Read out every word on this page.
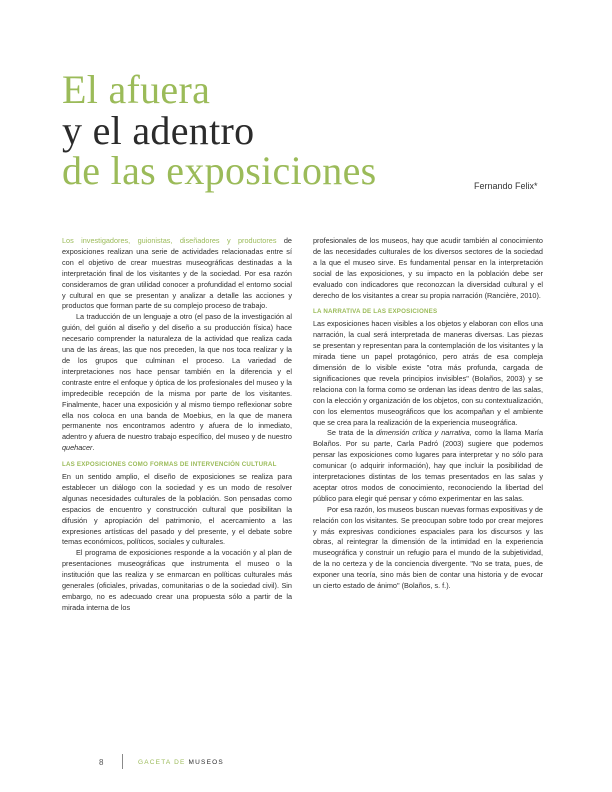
El afuera
y el adentro
de las exposiciones	Fernando Felix*

Los investigadores, guionistas, diseñadores y productores de exposiciones realizan una serie de actividades relacionadas entre sí con el objetivo de crear muestras museográficas destinadas a la interpretación final de los visitantes y de la sociedad. Por esa razón consideramos de gran utilidad conocer a profundidad el entorno social y cultural en que se presentan y analizar a detalle las acciones y productos que forman parte de su complejo proceso de trabajo.

La traducción de un lenguaje a otro (el paso de la investigación al guión, del guión al diseño y del diseño a su producción física) hace necesario comprender la naturaleza de la actividad que realiza cada una de las áreas, las que nos preceden, la que nos toca realizar y la de los grupos que culminan el proceso. La variedad de interpretaciones nos hace pensar también en la diferencia y el contraste entre el enfoque y óptica de los profesionales del museo y la impredecible recepción de la misma por parte de los visitantes. Finalmente, hacer una exposición y al mismo tiempo reflexionar sobre ella nos coloca en una banda de Moebius, en la que de manera permanente nos encontramos adentro y afuera de lo inmediato, adentro y afuera de nuestro trabajo específico, del museo y de nuestro quehacer.

LAS EXPOSICIONES COMO FORMAS DE INTERVENCIÓN CULTURAL

En un sentido amplio, el diseño de exposiciones se realiza para establecer un diálogo con la sociedad y es un modo de resolver algunas necesidades culturales de la población. Son pensadas como espacios de encuentro y construcción cultural que posibilitan la difusión y apropiación del patrimonio, el acercamiento a las expresiones artísticas del pasado y del presente, y el debate sobre temas económicos, políticos, sociales y culturales.

El programa de exposiciones responde a la vocación y al plan de presentaciones museográficas que instrumenta el museo o la institución que las realiza y se enmarcan en políticas culturales más generales (oficiales, privadas, comunitarias o de la sociedad civil). Sin embargo, no es adecuado crear una propuesta sólo a partir de la mirada interna de los

profesionales de los museos, hay que acudir también al conocimiento de las necesidades culturales de los diversos sectores de la sociedad a la que el museo sirve. Es fundamental pensar en la interpretación social de las exposiciones, y su impacto en la población debe ser evaluado con indicadores que reconozcan la diversidad cultural y el derecho de los visitantes a crear su propia narración (Rancière, 2010).

LA NARRATIVA DE LAS EXPOSICIONES

Las exposiciones hacen visibles a los objetos y elaboran con ellos una narración, la cual será interpretada de maneras diversas. Las piezas se presentan y representan para la contemplación de los visitantes y la mirada tiene un papel protagónico, pero atrás de esa compleja dimensión de lo visible existe "otra más profunda, cargada de significaciones que revela principios invisibles" (Bolaños, 2003) y se relaciona con la forma como se ordenan las ideas dentro de las salas, con la elección y organización de los objetos, con su contextualización, con los elementos museográficos que los acompañan y el ambiente que se crea para la realización de la experiencia museográfica.

Se trata de la dimensión crítica y narrativa, como la llama María Bolaños. Por su parte, Carla Padró (2003) sugiere que podemos pensar las exposiciones como lugares para interpretar y no sólo para comunicar (o adquirir información), hay que incluir la posibilidad de interpretaciones distintas de los temas presentados en las salas y aceptar otros modos de conocimiento, reconociendo la libertad del público para elegir qué pensar y cómo experimentar en las salas.

Por esa razón, los museos buscan nuevas formas expositivas y de relación con los visitantes. Se preocupan sobre todo por crear mejores y más expresivas condiciones espaciales para los discursos y las obras, al reintegrar la dimensión de la intimidad en la experiencia museográfica y construir un refugio para el mundo de la subjetividad, de la no certeza y de la conciencia divergente. "No se trata, pues, de exponer una teoría, sino más bien de contar una historia y de evocar un cierto estado de ánimo" (Bolaños, s. f.).

8	GACETA DE MUSEOS
